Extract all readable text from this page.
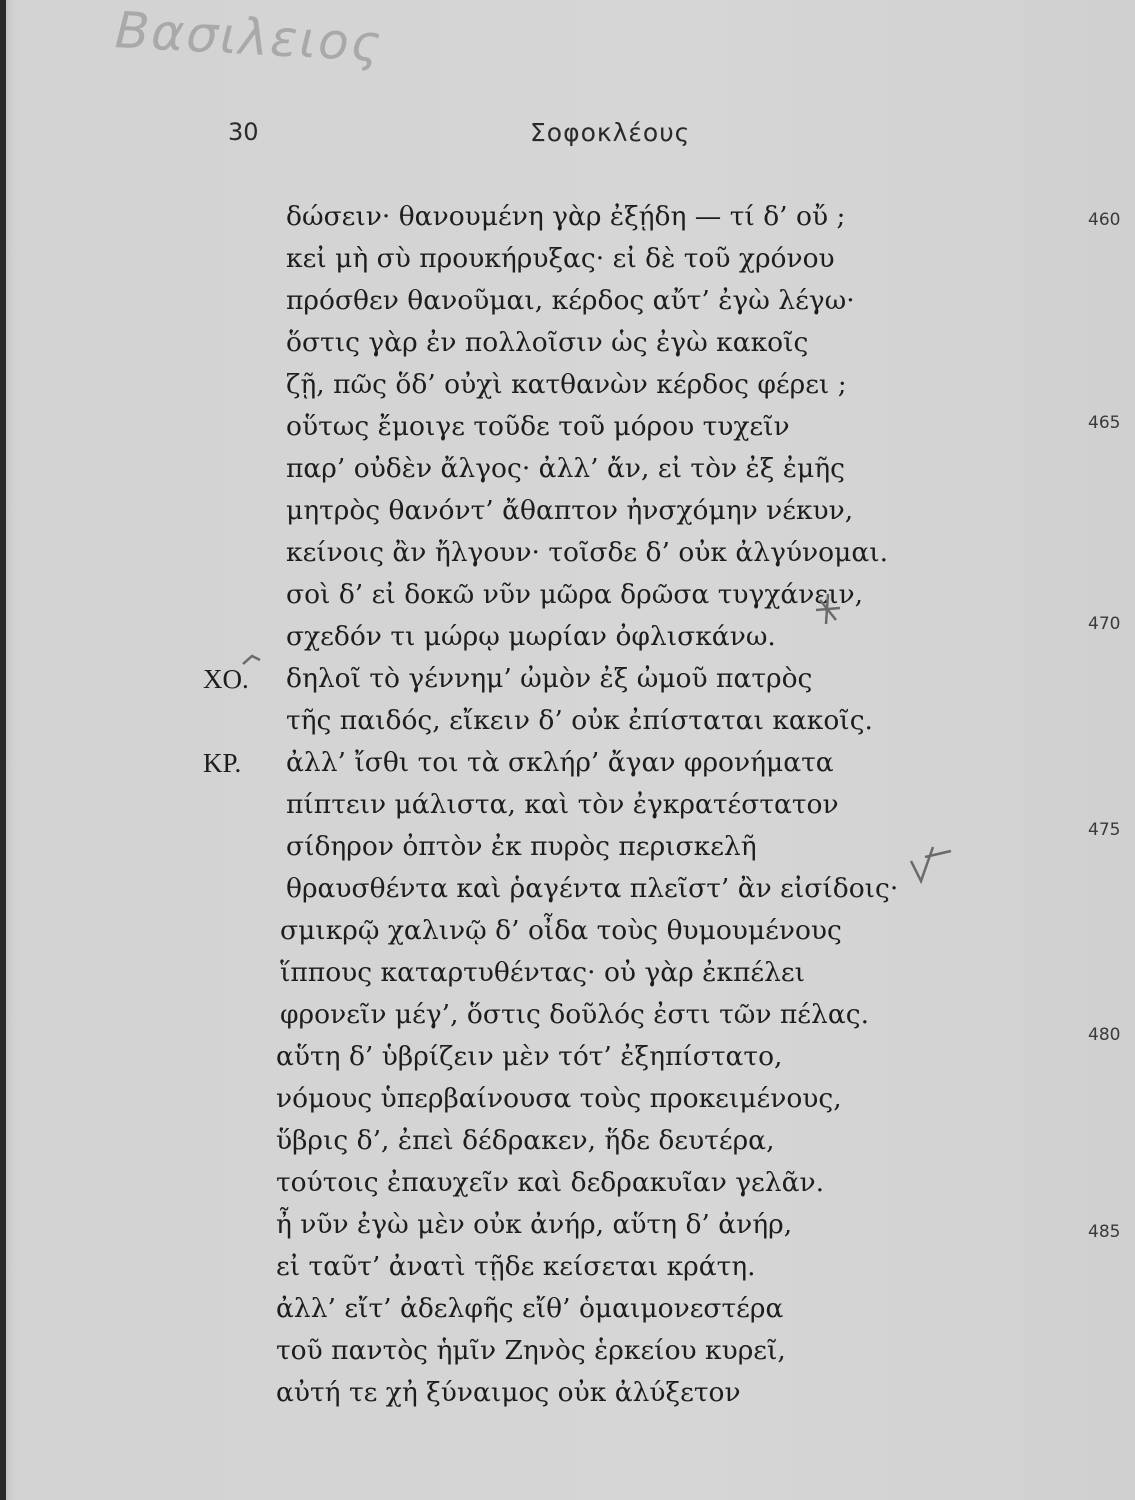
Βασιλειος
30	Σοφοκλέους
δώσειν· θανουμένη γὰρ ἐξῄδη — τί δ’ οὔ ;
κεἰ μὴ σὺ προυκήρυξας· εἰ δὲ τοῦ χρόνου
πρόσθεν θανοῦμαι, κέρδος αὔτ’ ἐγὼ λέγω·
ὅστις γὰρ ἐν πολλοῖσιν ὡς ἐγὼ κακοῖς
ζῇ, πῶς ὅδ’ οὐχὶ κατθανὼν κέρδος φέρει ;
οὕτως ἔμοιγε τοῦδε τοῦ μόρου τυχεῖν
παρ’ οὐδὲν ἄλγος· ἀλλ’ ἄν, εἰ τὸν ἐξ ἐμῆς
μητρὸς θανόντ’ ἄθαπτον ἠνσχόμην νέκυν,
κείνοις ἂν ἤλγουν· τοῖσδε δ’ οὐκ ἀλγύνομαι.
σοὶ δ’ εἰ δοκῶ νῦν μῶρα δρῶσα τυγχάνειν,
σχεδόν τι μώρῳ μωρίαν ὀφλισκάνω.
ΧΟ. δηλοῖ τὸ γέννημ’ ὠμὸν ἐξ ὠμοῦ πατρὸς
τῆς παιδός, εἴκειν δ’ οὐκ ἐπίσταται κακοῖς.
ΚΡ. ἀλλ’ ἴσθι τοι τὰ σκλήρ’ ἄγαν φρονήματα
πίπτειν μάλιστα, καὶ τὸν ἐγκρατέστατον
σίδηρον ὀπτὸν ἐκ πυρὸς περισκελῆ
θραυσθέντα καὶ ῥαγέντα πλεῖστ’ ἂν εἰσίδοις·
σμικρῷ χαλινῷ δ’ οἶδα τοὺς θυμουμένους
ἵππους καταρτυθέντας· οὐ γὰρ ἐκπέλει
φρονεῖν μέγ’, ὅστις δοῦλός ἐστι τῶν πέλας.
αὕτη δ’ ὑβρίζειν μὲν τότ’ ἐξηπίστατο,
νόμους ὑπερβαίνουσα τοὺς προκειμένους,
ὕβρις δ’, ἐπεὶ δέδρακεν, ἥδε δευτέρα,
τούτοις ἐπαυχεῖν καὶ δεδρακυῖαν γελᾶν.
ἦ νῦν ἐγὼ μὲν οὐκ ἀνήρ, αὕτη δ’ ἀνήρ,
εἰ ταῦτ’ ἀνατὶ τῇδε κείσεται κράτη.
ἀλλ’ εἴτ’ ἀδελφῆς εἴθ’ ὁμαιμονεστέρα
τοῦ παντὸς ἡμῖν Ζηνὸς ἑρκείου κυρεῖ,
αὐτή τε χἠ ξύναιμος οὐκ ἀλύξετον
460
465
470
475
480
485
